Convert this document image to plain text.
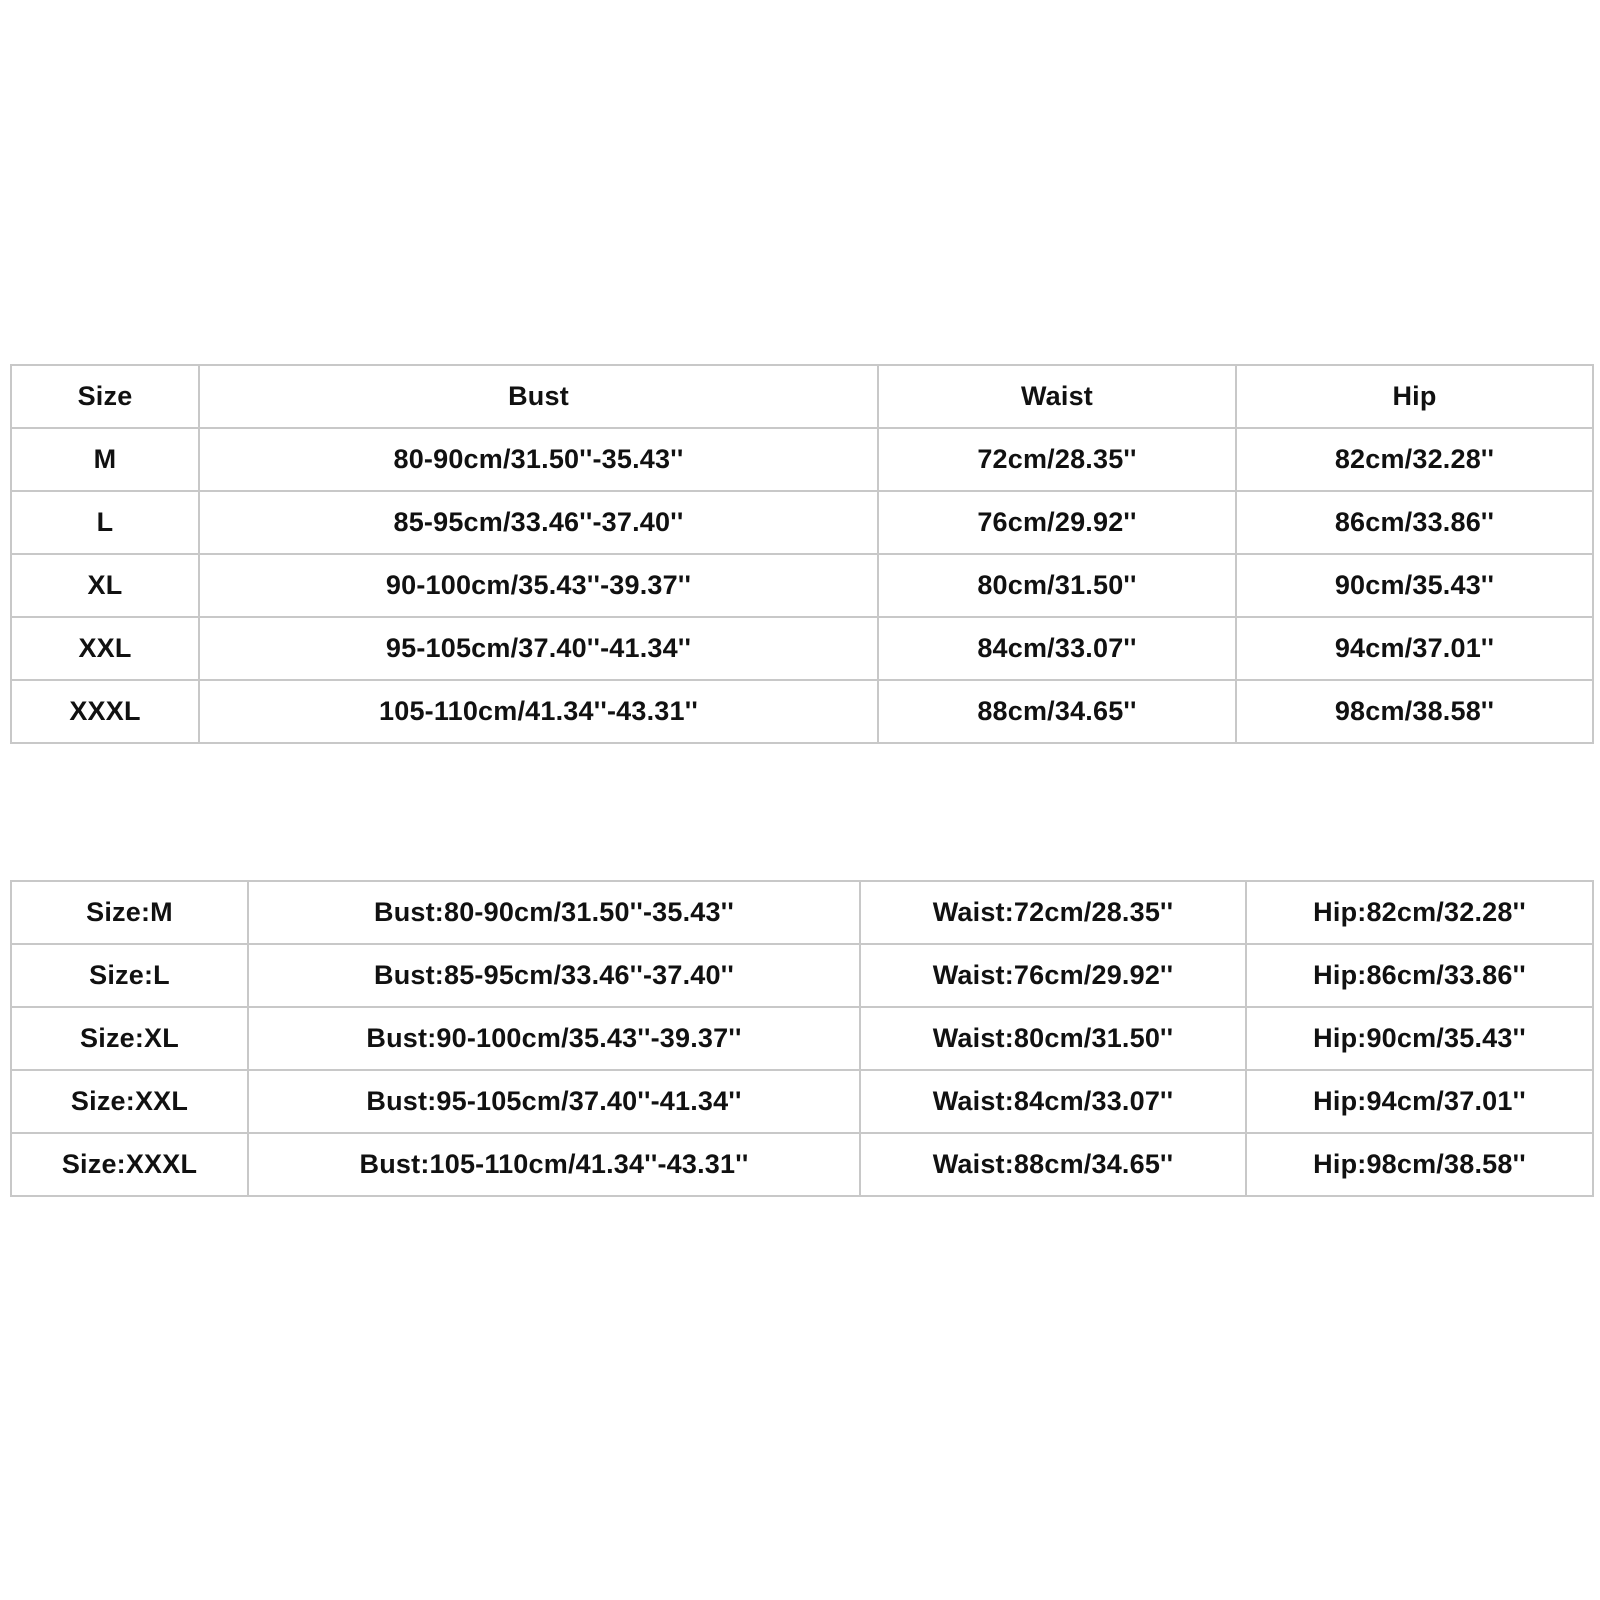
Size	Bust	Waist	Hip
M	80-90cm/31.50''-35.43''	72cm/28.35''	82cm/32.28''
L	85-95cm/33.46''-37.40''	76cm/29.92''	86cm/33.86''
XL	90-100cm/35.43''-39.37''	80cm/31.50''	90cm/35.43''
XXL	95-105cm/37.40''-41.34''	84cm/33.07''	94cm/37.01''
XXXL	105-110cm/41.34''-43.31''	88cm/34.65''	98cm/38.58''
Size:M	Bust:80-90cm/31.50''-35.43''	Waist:72cm/28.35''	Hip:82cm/32.28''
Size:L	Bust:85-95cm/33.46''-37.40''	Waist:76cm/29.92''	Hip:86cm/33.86''
Size:XL	Bust:90-100cm/35.43''-39.37''	Waist:80cm/31.50''	Hip:90cm/35.43''
Size:XXL	Bust:95-105cm/37.40''-41.34''	Waist:84cm/33.07''	Hip:94cm/37.01''
Size:XXXL	Bust:105-110cm/41.34''-43.31''	Waist:88cm/34.65''	Hip:98cm/38.58''
